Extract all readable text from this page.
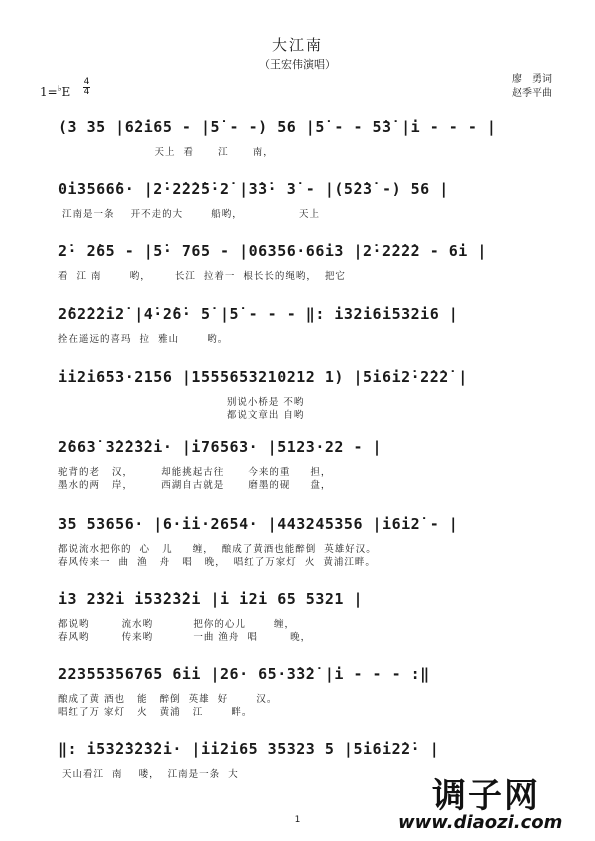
大江南
（王宏伟演唱）
廖　勇词
赵季平曲
1=♭E
4
4
(3 35 |6̇2̇i65 - |5̇ - -) 56 |5̇ - - 5̇3̇ |i - - - |
天上  看      江      南，
0i3566̇6· |2̇·2̇2̇2̇5̇·2̇ |3̇3̇· 3̇ - |(5̇2̇3̇ -) 56 |
江南是一条    开不走的大       船哟，              天上
2̇· 2̇65 - |5̇· 765 - |06356·66i3 |2̇·2̇2̇2̇2 - 6i |
看  江 南       哟，      长江  拉着一  根长长的绳哟，  把它
2̇62̇2̇2̇i2̇ |4̇·2̇6̇· 5̇ |5̇ - - - ‖: i32i6i532i6 |
拴在遥远的喜玛  拉  雅山       哟。
ii2i653·2156 |1555653210212 1) |5i6i2̇·2̇2̇2̇ |
别说小桥是 不哟
都说文章出 自哟
2̇663̇ 3̇2̇2̇3̇2i· |i76563· |5123·22 - |
驼背的老   汉，       却能挑起古往      今来的重     担，
墨水的两   岸，       西湖自古就是      磨墨的砚     盘，
35 53656· |6·ii·2654· |443245356 |i6i2̇ - |
都说流水把你的  心   儿     缠，  酿成了黄酒也能醉倒  英雄好汉。
春风传来一  曲  渔   舟   唱   晚，  唱红了万家灯  火  黄浦江畔。
i3 2̇3̇2i i53̇2̇3̇2i |i i2i 65 5321 |
都说哟        流水哟          把你的心儿       缠，
春风哟        传来哟          一曲 渔舟  唱        晚，
22355356765 6ii |26· 65·3̇3̇2̇ |i - - - :‖
酿成了黄 酒也   能   醉倒  英雄  好       汉。
唱红了万 家灯   火   黄浦   江       畔。
‖: i53̇2̇3̇2̇3̇2i· |ii2i65 35323 5 |5i6i2̇2̇· |
天山看江  南    喽，  江南是一条  大
1
调子网
www.diaozi.com
